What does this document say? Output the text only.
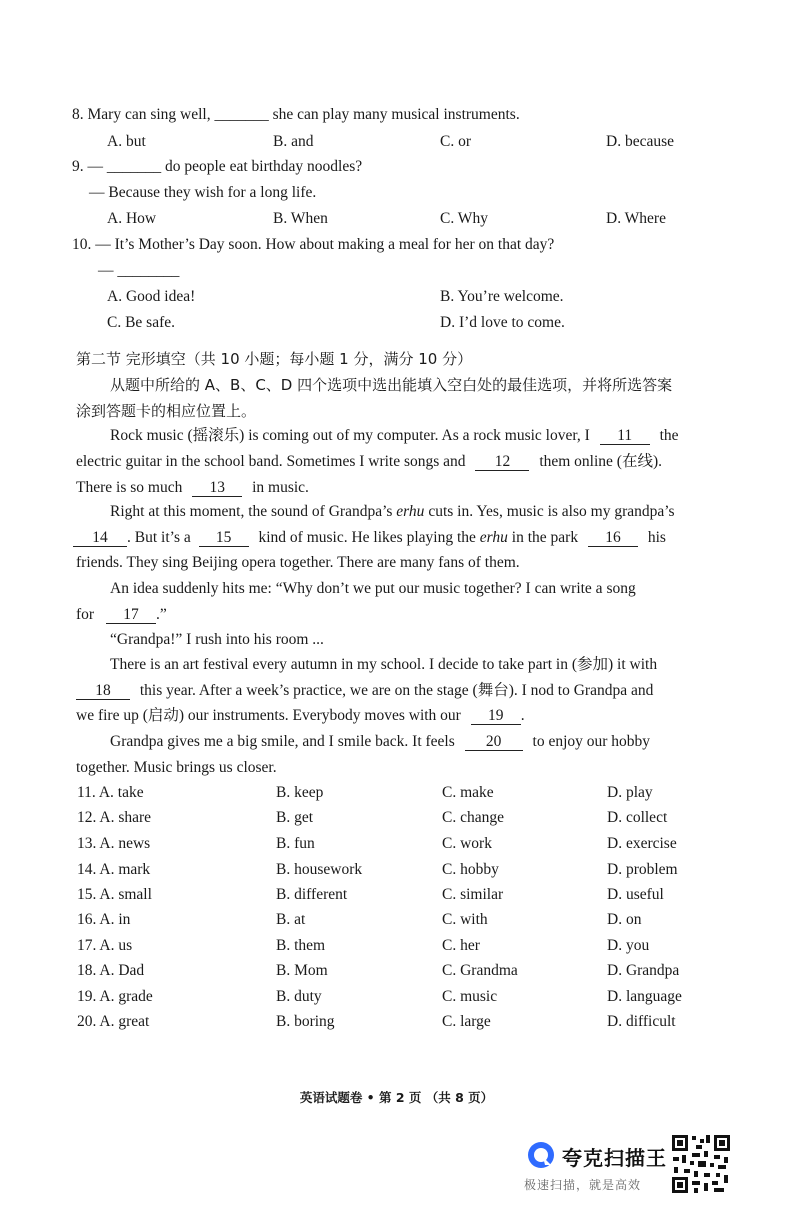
8. Mary can sing well, _______ she can play many musical instruments.
A. but	B. and	C. or	D. because
9. — _______ do people eat birthday noodles?
— Because they wish for a long life.
A. How	B. When	C. Why	D. Where
10. — It’s Mother’s Day soon. How about making a meal for her on that day?
— ________
A. Good idea!	B. You’re welcome.
C. Be safe.	D. I’d love to come.
第二节 完形填空（共 10 小题；每小题 1 分，满分 10 分）
从题中所给的 A、B、C、D 四个选项中选出能填入空白处的最佳选项，并将所选答案
涂到答题卡的相应位置上。
Rock music (摇滚乐) is coming out of my computer. As a rock music lover, I 11 the
electric guitar in the school band. Sometimes I write songs and 12 them online (在线).
There is so much 13 in music.
Right at this moment, the sound of Grandpa’s erhu cuts in. Yes, music is also my grandpa’s
14 . But it’s a 15 kind of music. He likes playing the erhu in the park 16 his
friends. They sing Beijing opera together. There are many fans of them.
An idea suddenly hits me: “Why don’t we put our music together? I can write a song
for 17 .”
“Grandpa!” I rush into his room ...
There is an art festival every autumn in my school. I decide to take part in (参加) it with
18 this year. After a week’s practice, we are on the stage (舞台). I nod to Grandpa and
we fire up (启动) our instruments. Everybody moves with our 19 .
Grandpa gives me a big smile, and I smile back. It feels 20 to enjoy our hobby
together. Music brings us closer.
11. A. take	B. keep	C. make	D. play
12. A. share	B. get	C. change	D. collect
13. A. news	B. fun	C. work	D. exercise
14. A. mark	B. housework	C. hobby	D. problem
15. A. small	B. different	C. similar	D. useful
16. A. in	B. at	C. with	D. on
17. A. us	B. them	C. her	D. you
18. A. Dad	B. Mom	C. Grandma	D. Grandpa
19. A. grade	B. duty	C. music	D. language
20. A. great	B. boring	C. large	D. difficult
英语试题卷 • 第 2 页 （共 8 页）
夸克扫描王
极速扫描，就是高效
